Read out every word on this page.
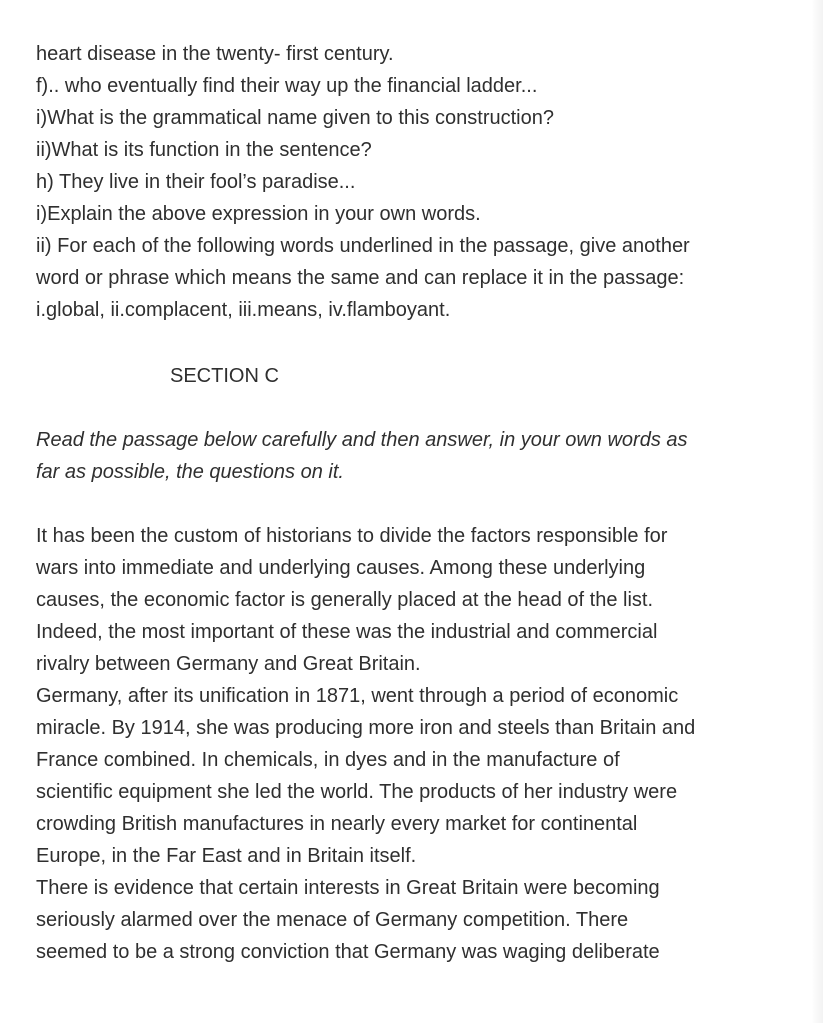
heart disease in the twenty- first century.
f).. who eventually find their way up the financial ladder...
i)What is the grammatical name given to this construction?
ii)What is its function in the sentence?
h) They live in their fool’s paradise...
i)Explain the above expression in your own words.
ii) For each of the following words underlined in the passage, give another
word or phrase which means the same and can replace it in the passage:
i.global, ii.complacent, iii.means, iv.flamboyant.
SECTION C
Read the passage below carefully and then answer, in your own words as
far as possible, the questions on it.
It has been the custom of historians to divide the factors responsible for
wars into immediate and underlying causes. Among these underlying
causes, the economic factor is generally placed at the head of the list.
Indeed, the most important of these was the industrial and commercial
rivalry between Germany and Great Britain.
Germany, after its unification in 1871, went through a period of economic
miracle. By 1914, she was producing more iron and steels than Britain and
France combined. In chemicals, in dyes and in the manufacture of
scientific equipment she led the world. The products of her industry were
crowding British manufactures in nearly every market for continental
Europe, in the Far East and in Britain itself.
There is evidence that certain interests in Great Britain were becoming
seriously alarmed over the menace of Germany competition. There
seemed to be a strong conviction that Germany was waging deliberate
